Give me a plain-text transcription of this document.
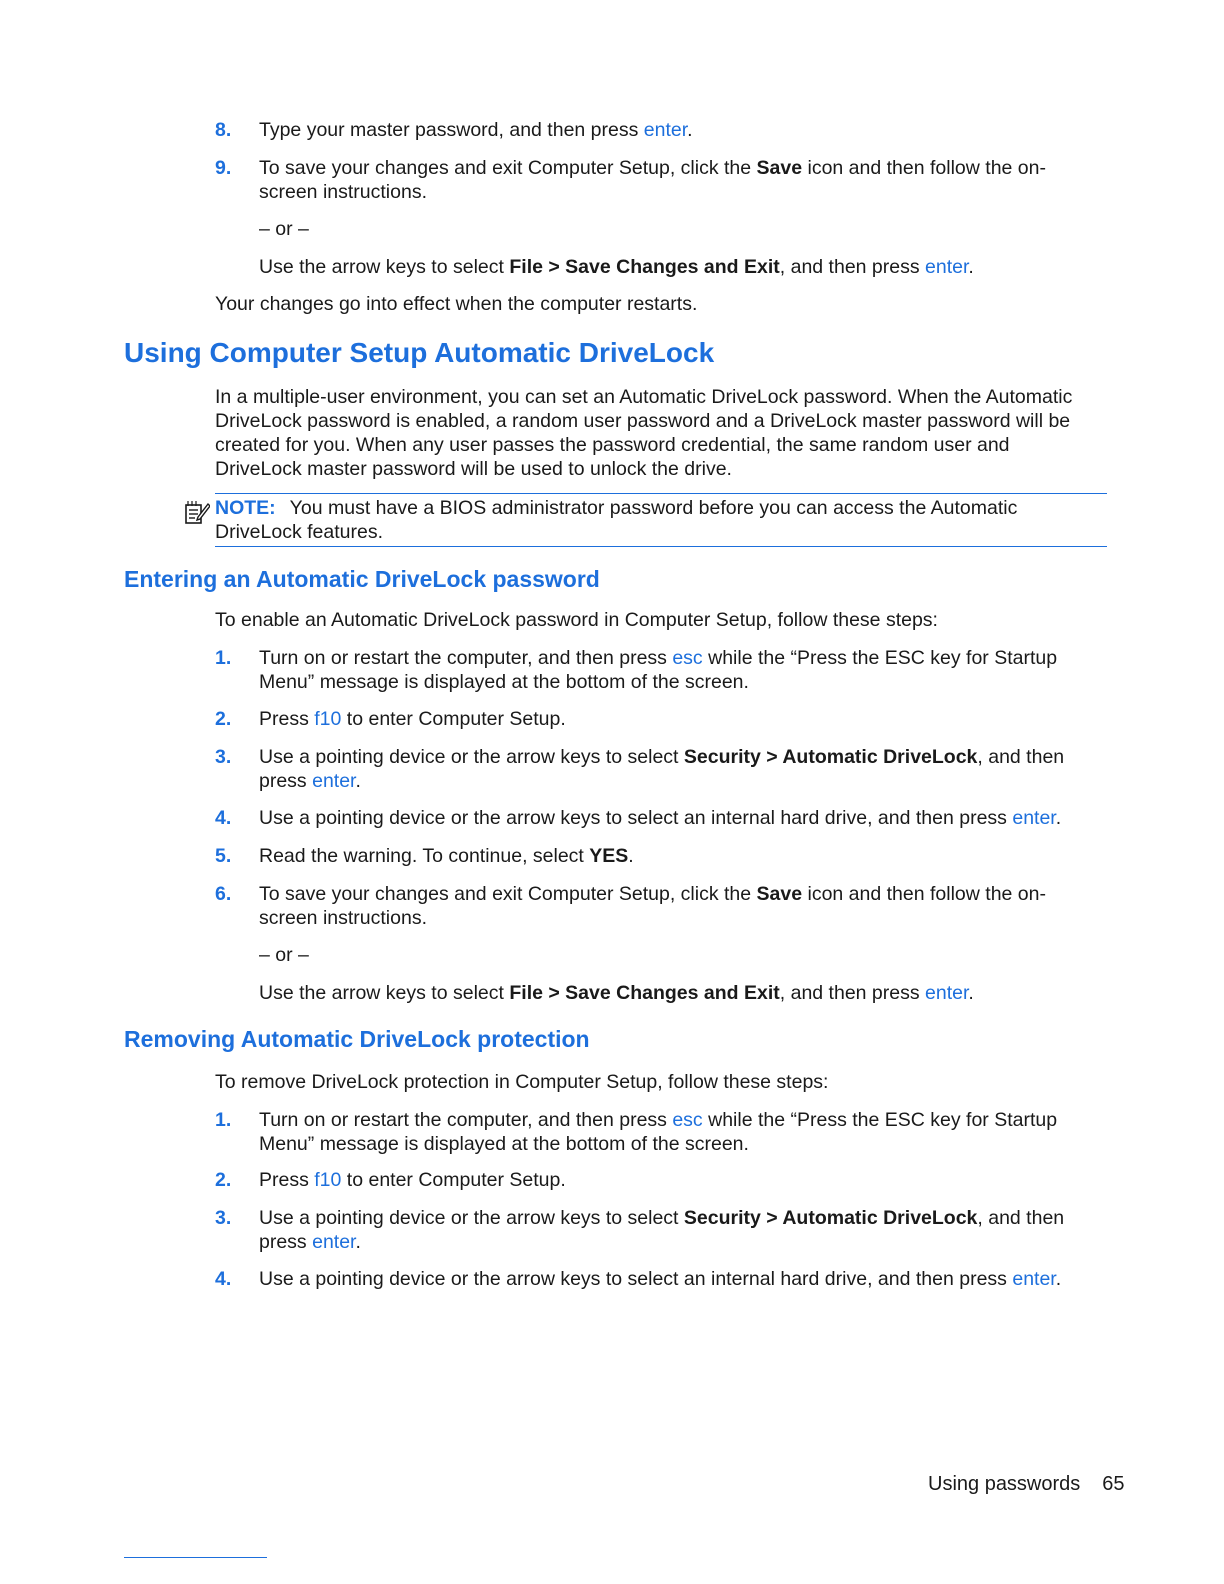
8.	Type your master password, and then press enter.
9.	To save your changes and exit Computer Setup, click the Save icon and then follow the on-screen instructions.
– or –
Use the arrow keys to select File > Save Changes and Exit, and then press enter.
Your changes go into effect when the computer restarts.
Using Computer Setup Automatic DriveLock
In a multiple-user environment, you can set an Automatic DriveLock password. When the Automatic DriveLock password is enabled, a random user password and a DriveLock master password will be created for you. When any user passes the password credential, the same random user and DriveLock master password will be used to unlock the drive.
NOTE: You must have a BIOS administrator password before you can access the Automatic DriveLock features.
Entering an Automatic DriveLock password
To enable an Automatic DriveLock password in Computer Setup, follow these steps:
1.	Turn on or restart the computer, and then press esc while the “Press the ESC key for Startup Menu” message is displayed at the bottom of the screen.
2.	Press f10 to enter Computer Setup.
3.	Use a pointing device or the arrow keys to select Security > Automatic DriveLock, and then press enter.
4.	Use a pointing device or the arrow keys to select an internal hard drive, and then press enter.
5.	Read the warning. To continue, select YES.
6.	To save your changes and exit Computer Setup, click the Save icon and then follow the on-screen instructions.
– or –
Use the arrow keys to select File > Save Changes and Exit, and then press enter.
Removing Automatic DriveLock protection
To remove DriveLock protection in Computer Setup, follow these steps:
1.	Turn on or restart the computer, and then press esc while the “Press the ESC key for Startup Menu” message is displayed at the bottom of the screen.
2.	Press f10 to enter Computer Setup.
3.	Use a pointing device or the arrow keys to select Security > Automatic DriveLock, and then press enter.
4.	Use a pointing device or the arrow keys to select an internal hard drive, and then press enter.
Using passwords 65
